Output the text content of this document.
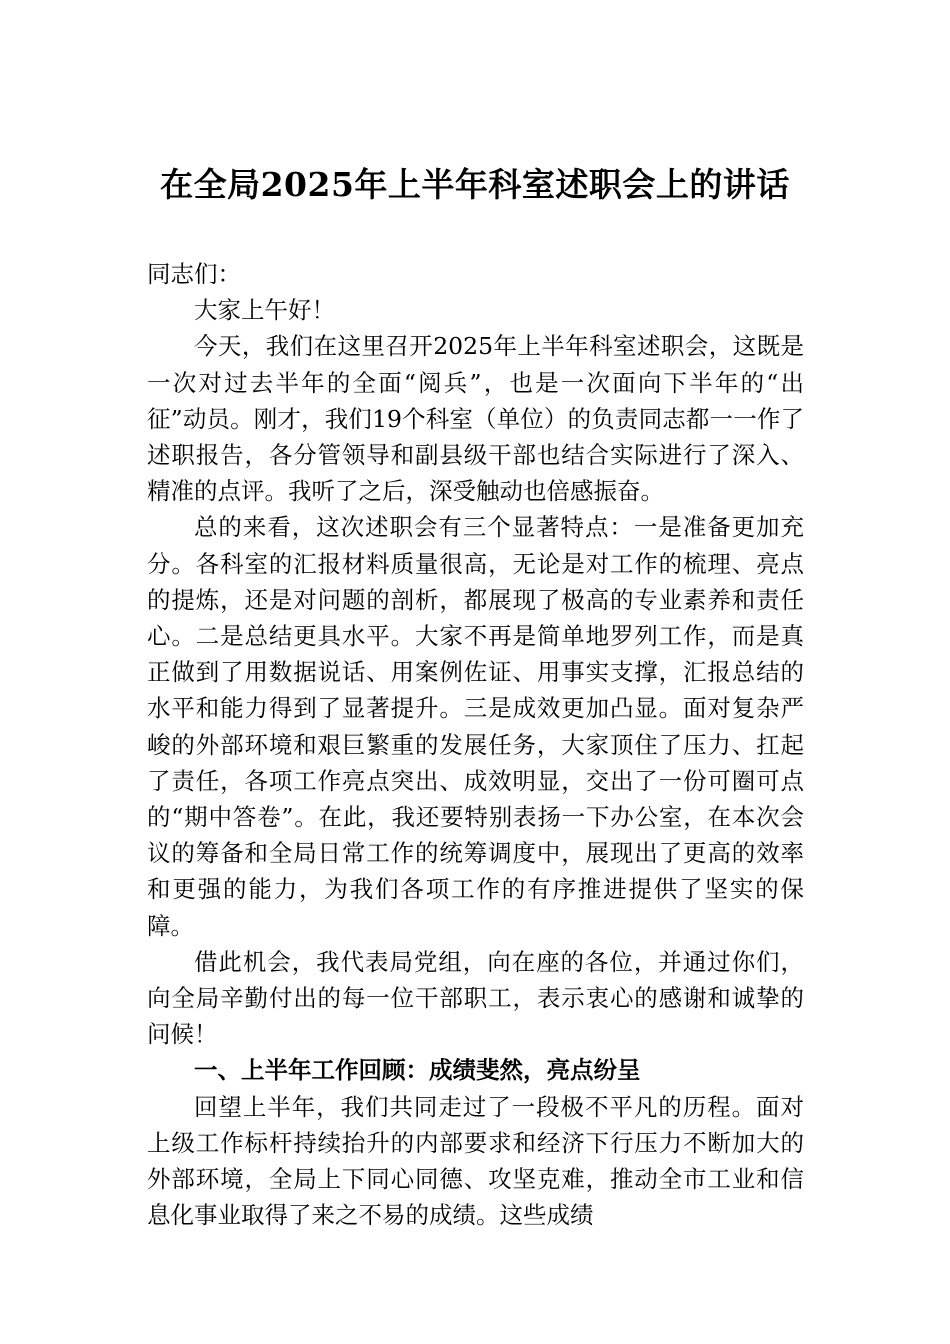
在全局2025年上半年科室述职会上的讲话

同志们：

大家上午好！

今天，我们在这里召开2025年上半年科室述职会，这既是一次对过去半年的全面“阅兵”，也是一次面向下半年的“出征”动员。刚才，我们19个科室（单位）的负责同志都一一作了述职报告，各分管领导和副县级干部也结合实际进行了深入、精准的点评。我听了之后，深受触动也倍感振奋。

总的来看，这次述职会有三个显著特点：一是准备更加充分。各科室的汇报材料质量很高，无论是对工作的梳理、亮点的提炼，还是对问题的剖析，都展现了极高的专业素养和责任心。二是总结更具水平。大家不再是简单地罗列工作，而是真正做到了用数据说话、用案例佐证、用事实支撑，汇报总结的水平和能力得到了显著提升。三是成效更加凸显。面对复杂严峻的外部环境和艰巨繁重的发展任务，大家顶住了压力、扛起了责任，各项工作亮点突出、成效明显，交出了一份可圈可点的“期中答卷”。在此，我还要特别表扬一下办公室，在本次会议的筹备和全局日常工作的统筹调度中，展现出了更高的效率和更强的能力，为我们各项工作的有序推进提供了坚实的保障。

借此机会，我代表局党组，向在座的各位，并通过你们，向全局辛勤付出的每一位干部职工，表示衷心的感谢和诚挚的问候！

一、上半年工作回顾：成绩斐然，亮点纷呈

回望上半年，我们共同走过了一段极不平凡的历程。面对上级工作标杆持续抬升的内部要求和经济下行压力不断加大的外部环境，全局上下同心同德、攻坚克难，推动全市工业和信息化事业取得了来之不易的成绩。这些成绩
